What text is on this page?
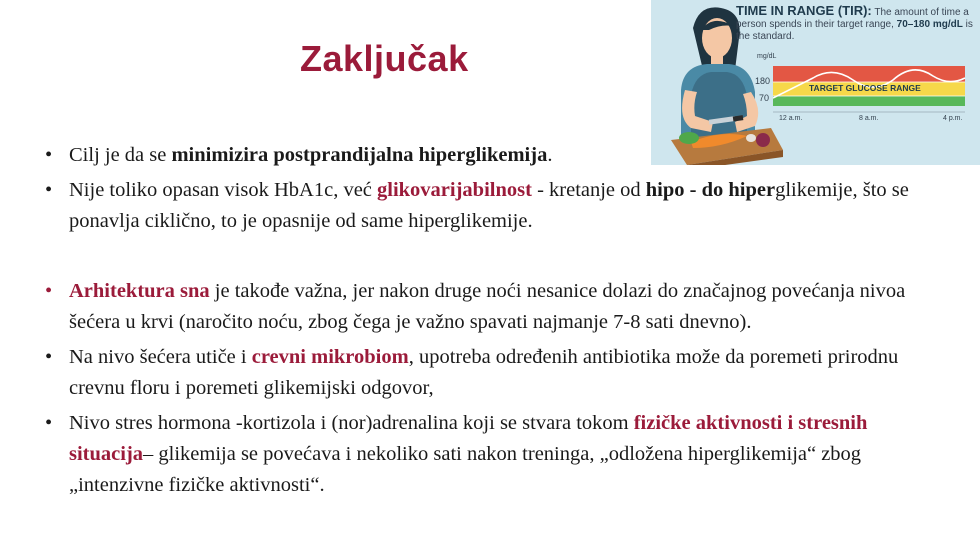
Zaključak
TIME IN RANGE (TIR): The amount of time a person spends in their target range, 70–180 mg/dL is the standard.
mg/dL
180
70
TARGET GLUCOSE RANGE
12 a.m.	8 a.m.	4 p.m.
• Cilj je da se minimizira postprandijalna hiperglikemija.
• Nije toliko opasan visok HbA1c, već glikovarijabilnost - kretanje od hipo - do hiperglikemije, što se ponavlja ciklično, to je opasnije od same hiperglikemije.
• Arhitektura sna je takođe važna, jer nakon druge noći nesanice dolazi do značajnog povećanja nivoa šećera u krvi (naročito noću, zbog čega je važno spavati najmanje 7-8 sati dnevno).
• Na nivo šećera utiče i crevni mikrobiom, upotreba određenih antibiotika može da poremeti prirodnu crevnu floru i poremeti glikemijski odgovor,
• Nivo stres hormona -kortizola i (nor)adrenalina koji se stvara tokom fizičke aktivnosti i stresnih situacija– glikemija se povećava i nekoliko sati nakon treninga, „odložena hiperglikemija“ zbog „intenzivne fizičke aktivnosti“.
